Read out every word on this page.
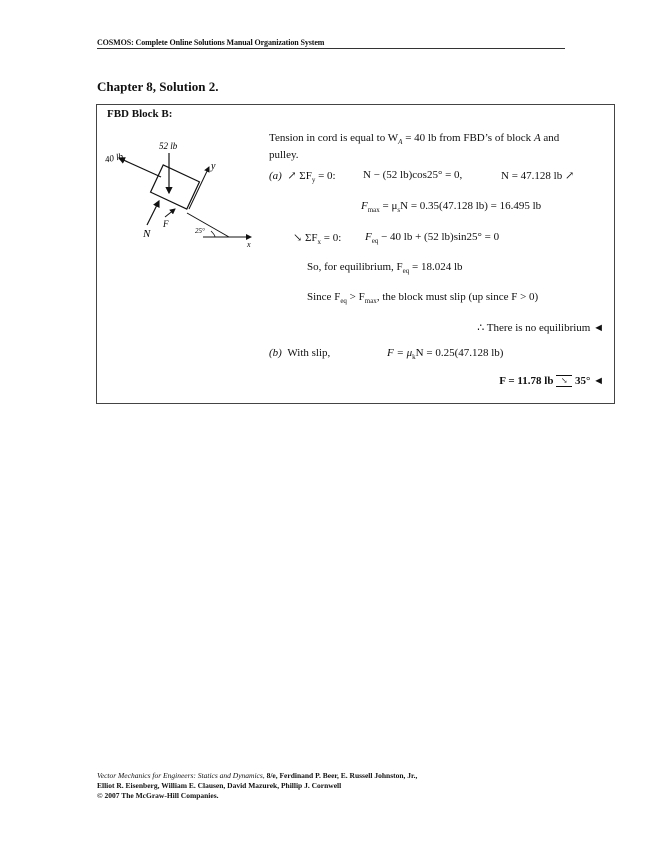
COSMOS: Complete Online Solutions Manual Organization System
Chapter 8, Solution 2.
FBD Block B:
40 lb
52 lb
y
x
N
F
25°
Tension in cord is equal to $W_A = 40$ lb from FBD’s of block A and
pulley.
(a)  ↗ $\Sigma F_y = 0$: N − (52 lb)cos25° = 0,	N = 47.128 lb ↗
$F_{max} = \mu_sN = 0.35(47.128$ lb) = 16.495 lb
↘ $\Sigma F_x = 0$: $F_{eq} - 40$ lb + (52 lb)sin25° = 0
So, for equilibrium, $F_{eq} = 18.024$ lb
Since $F_{eq} > F_{max}$, the block must slip (up since F > 0)
∴ There is no equilibrium ◄
(b) With slip,	$F = \mu_kN = 0.25(47.128$ lb)
F = 11.78 lb ↘ 35° ◄
Vector Mechanics for Engineers: Statics and Dynamics, 8/e, Ferdinand P. Beer, E. Russell Johnston, Jr.,
Elliot R. Eisenberg, William E. Clausen, David Mazurek, Phillip J. Cornwell
© 2007 The McGraw-Hill Companies.
